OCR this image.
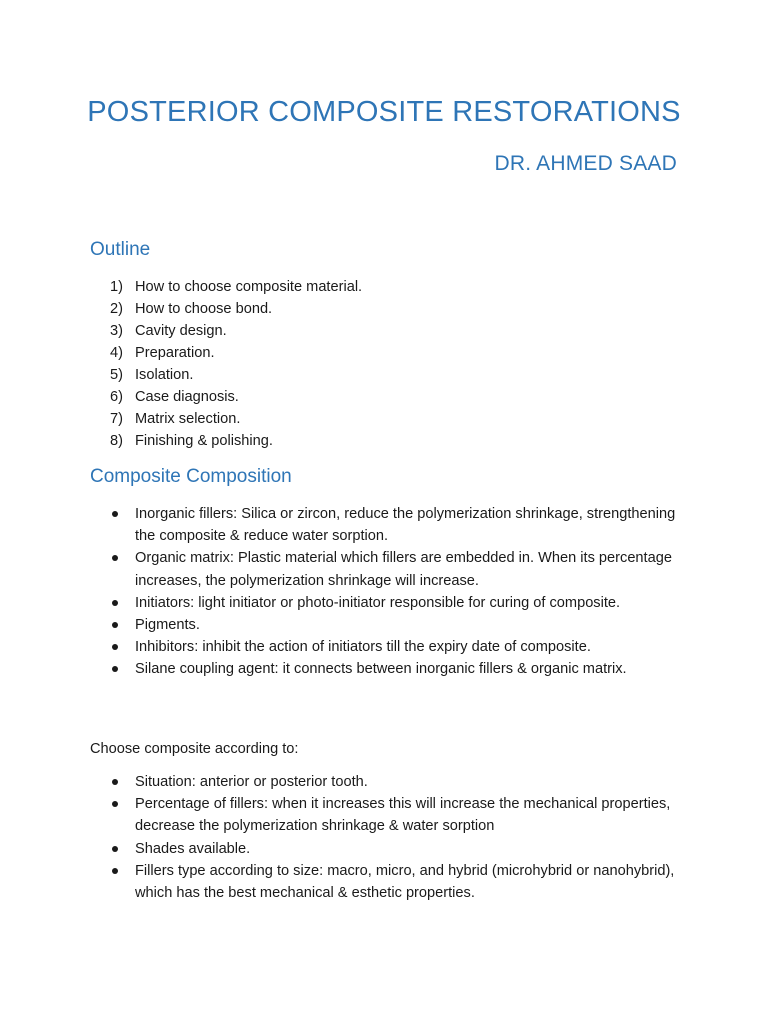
POSTERIOR COMPOSITE RESTORATIONS
DR. AHMED SAAD
Outline
1) How to choose composite material.
2) How to choose bond.
3) Cavity design.
4) Preparation.
5) Isolation.
6) Case diagnosis.
7) Matrix selection.
8) Finishing & polishing.
Composite Composition
Inorganic fillers: Silica or zircon, reduce the polymerization shrinkage, strengthening the composite & reduce water sorption.
Organic matrix: Plastic material which fillers are embedded in. When its percentage increases, the polymerization shrinkage will increase.
Initiators: light initiator or photo-initiator responsible for curing of composite.
Pigments.
Inhibitors: inhibit the action of initiators till the expiry date of composite.
Silane coupling agent: it connects between inorganic fillers & organic matrix.
Choose composite according to:
Situation: anterior or posterior tooth.
Percentage of fillers: when it increases this will increase the mechanical properties, decrease the polymerization shrinkage & water sorption
Shades available.
Fillers type according to size: macro, micro, and hybrid (microhybrid or nanohybrid), which has the best mechanical & esthetic properties.
